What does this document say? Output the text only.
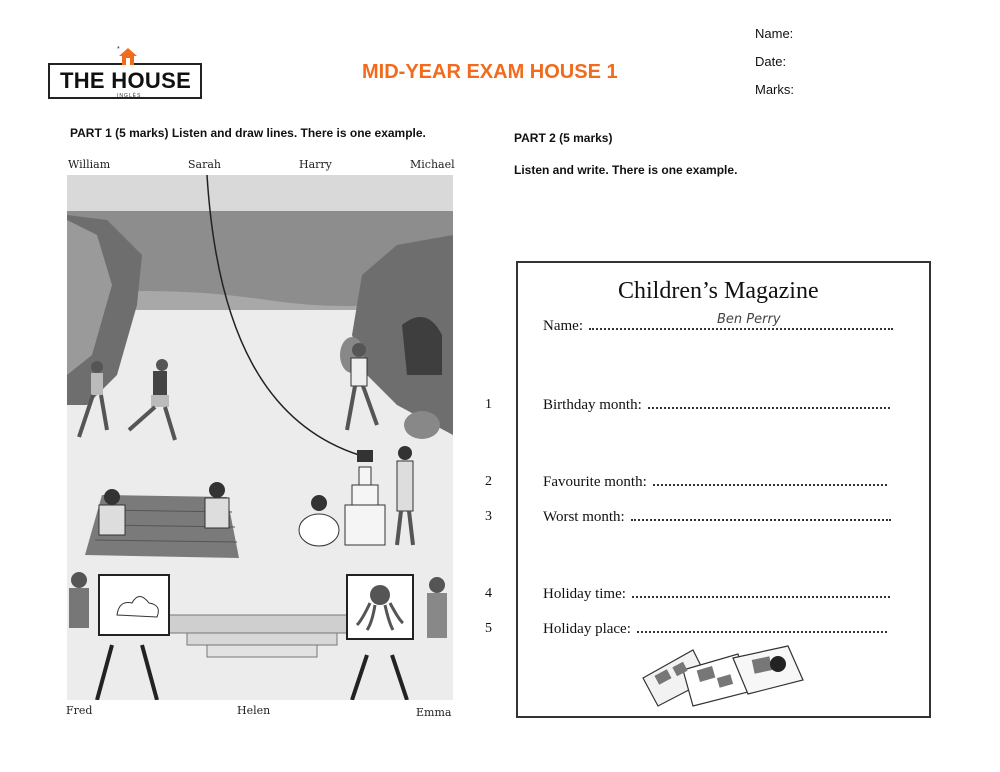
*
THE HOUSE
INGLÉS
MID-YEAR EXAM HOUSE 1
Name:
Date:
Marks:
PART 1 (5 marks) Listen and draw lines. There is one example.
William	Sarah	Harry	Michael
Fred	Helen	Emma
PART 2 (5 marks)
Listen and write. There is one example.
Children’s Magazine
Name:	Ben Perry
1	Birthday month:
2	Favourite month:
3	Worst month:
4	Holiday time:
5	Holiday place:
